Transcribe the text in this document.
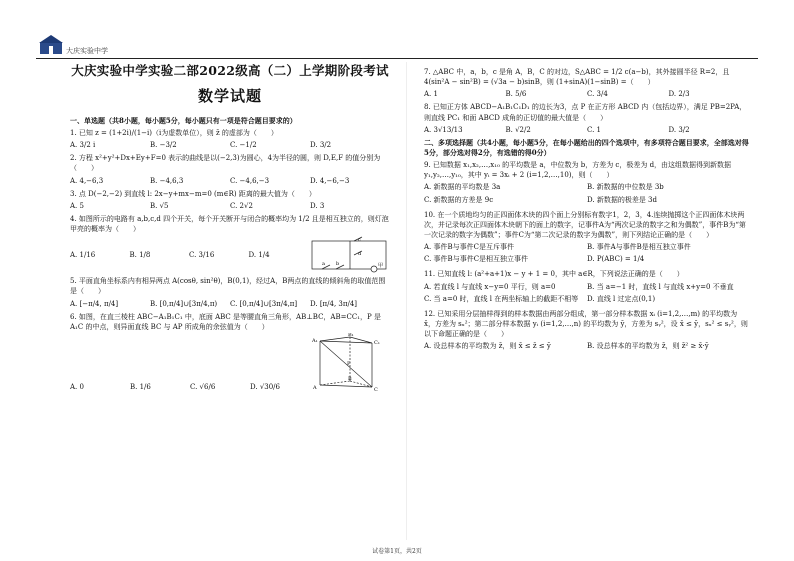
大庆实验中学
大庆实验中学实验二部2022级高（二）上学期阶段考试
数学试题
一、单选题（共8小题，每小题5分，每小题只有一项是符合题目要求的）
1. 已知 z = (1+2i)/(1−i)（i为虚数单位），则 z̄ 的虚部为（　　）
A. 3/2 i	B. −3/2	C. −1/2	D. 3/2
2. 方程 x²+y²+Dx+Ey+F=0 表示的曲线是以(−2,3)为圆心，4为半径的圆，则 D,E,F 的值分别为（　　）
A. 4,−6,3	B. −4,6,3	C. −4,6,−3	D. 4,−6,−3
3. 点 D(−2,−2) 到直线 l: 2x−y+mx−m=0 (m∈R) 距离的最大值为（　　）
A. 5	B. √5	C. 2√2	D. 3
4. 如图所示的电路有 a,b,c,d 四个开关，每个开关断开与闭合的概率均为 1/2 且是相互独立的，则灯泡甲亮的概率为（　　）
A. 1/16	B. 1/8	C. 3/16	D. 1/4
a b
c
d
甲
5. 平面直角坐标系内有相异两点 A(cosθ, sin²θ)，B(0,1)，经过A，B两点的直线的倾斜角的取值范围是（　　）
A. [−π/4, π/4]	B. [0,π/4]∪[3π/4,π)	C. [0,π/4]∪[3π/4,π]	D. [π/4, 3π/4]
6. 如图，在直三棱柱 ABC−A₁B₁C₁ 中，底面 ABC 是等腰直角三角形，AB⊥BC，AB=CC₁，P 是 A₁C 的中点，则异面直线 BC 与 AP 所成角的余弦值为（　　）
A. 0	B. 1/6	C. √6/6	D. √30/6
A₁
B₁
C₁
P
A
B
C
7. △ABC 中，a，b，c 是角 A，B，C 的对边，S△ABC = 1/2 c(a−b)，其外接圆半径 R=2，且 4(sin²A − sin²B) = (√3a − b)sinB，则 (1+sinA)(1−sinB) =（　　）
A. 1	B. 5/6	C. 3/4	D. 2/3
8. 已知正方体 ABCD−A₁B₁C₁D₁ 的边长为3，点 P 在正方形 ABCD 内（包括边界），满足 PB=2PA，则直线 PC₁ 和面 ABCD 成角的正切值的最大值是（　　）
A. 3√13/13	B. √2/2	C. 1	D. 3/2
二、多项选择题（共4小题，每小题5分，在每小题给出的四个选项中，有多项符合题目要求，全部选对得5分，部分选对得2分，有选错的得0分）
9. 已知数据 x₁,x₂,…,x₁₀ 的平均数是 a，中位数为 b，方差为 c，极差为 d，由这组数据得到新数据 y₁,y₂,…,y₁₀，其中 yᵢ = 3xᵢ + 2 (i=1,2,…,10)，则（　　）
A. 新数据的平均数是 3a	B. 新数据的中位数是 3b
C. 新数据的方差是 9c	D. 新数据的极差是 3d
10. 在一个质地均匀的正四面体木块的四个面上分别标有数字1，2，3，4.连续抛掷这个正四面体木块两次，并记录每次正四面体木块朝下的面上的数字，记事件A为“两次记录的数字之和为偶数”，事件B为“第一次记录的数字为偶数”；事件C为“第二次记录的数字为偶数”，则下列结论正确的是（　　）
A. 事件B与事件C是互斥事件	B. 事件A与事件B是相互独立事件
C. 事件B与事件C是相互独立事件	D. P(ABC) = 1/4
11. 已知直线 l: (a²+a+1)x − y + 1 = 0，其中 a∈R，下列说法正确的是（　　）
A. 若直线 l 与直线 x−y=0 平行，则 a=0	B. 当 a=−1 时，直线 l 与直线 x+y=0 不垂直
C. 当 a=0 时，直线 l 在两坐标轴上的截距不相等	D. 直线 l 过定点(0,1)
12. 已知采用分层抽样得到的样本数据由两部分组成，第一部分样本数据 xᵢ (i=1,2,…,m) 的平均数为 x̄，方差为 sₓ²；第二部分样本数据 yᵢ (i=1,2,…,n) 的平均数为 ȳ，方差为 sᵧ²，设 x̄ ≤ ȳ，sₓ² ≤ sᵧ²，则以下命题正确的是（　　）
A. 设总样本的平均数为 z̄，则 x̄ ≤ z̄ ≤ ȳ	B. 设总样本的平均数为 z̄，则 z̄² ≥ x̄·ȳ
试卷第1页，共2页
